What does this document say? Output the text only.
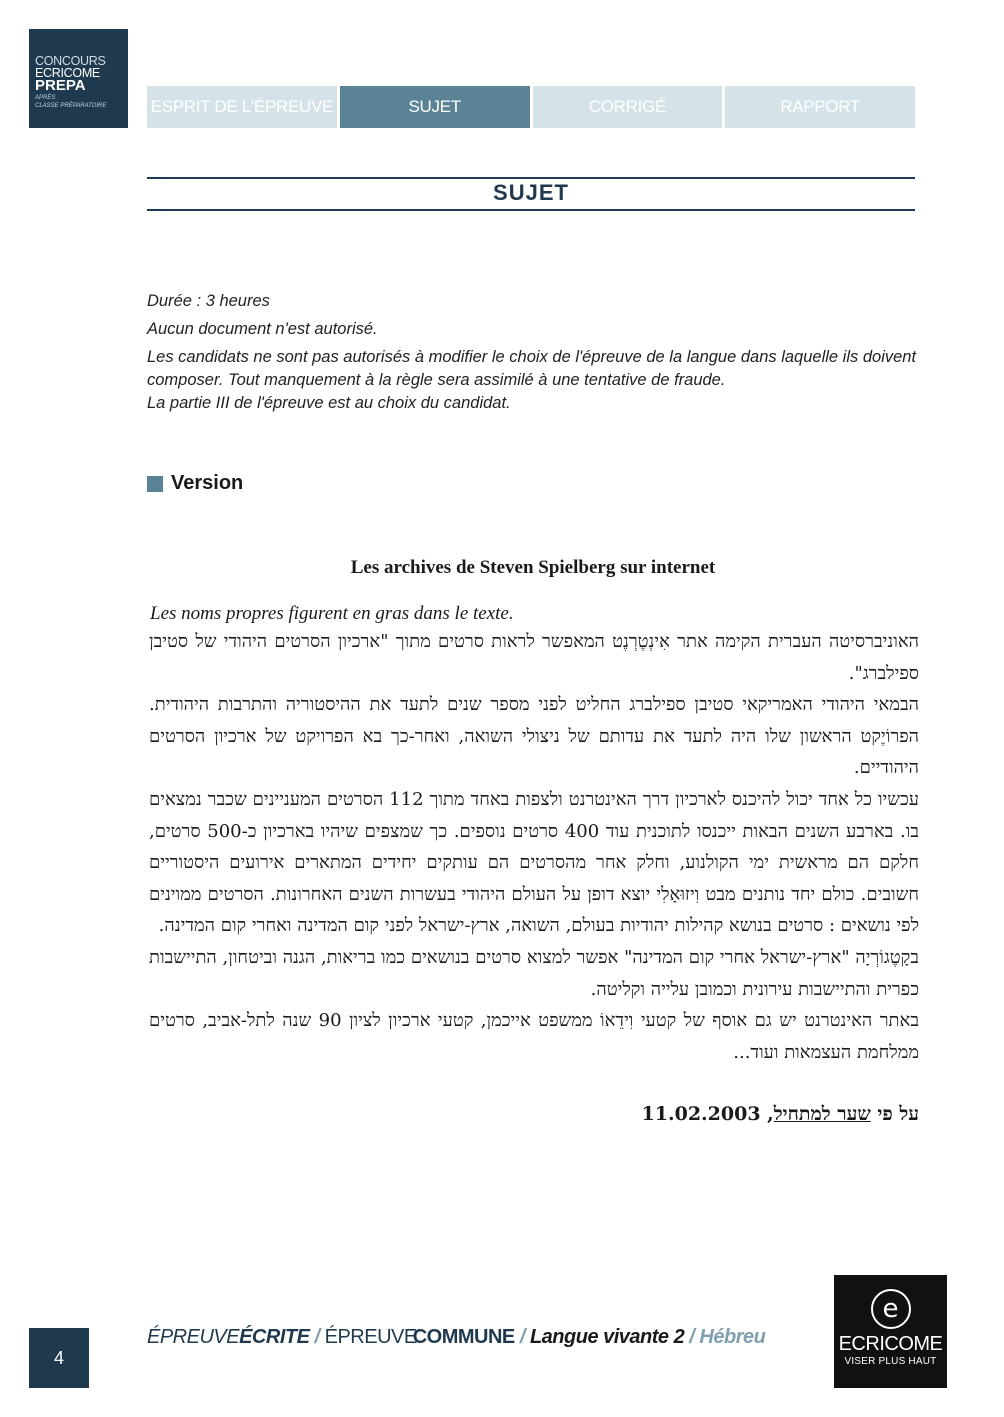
CONCOURS
ECRICOME
PREPA
APRÈS
CLASSE PRÉPARATOIRE	ESPRIT DE L'ÉPREUVE	SUJET	CORRIGÉ	RAPPORT
SUJET

Durée : 3 heures

Aucun document n'est autorisé.

Les candidats ne sont pas autorisés à modifier le choix de l'épreuve de la langue dans laquelle ils doivent composer. Tout manquement à la règle sera assimilé à une tentative de fraude.

La partie III de l'épreuve est au choix du candidat.

Version
Les archives de Steven Spielberg sur internet
Les noms propres figurent en gras dans le texte.

האוניברסיטה העברית הקימה אתר אִינְטֶרְנֶט המאפשר לראות סרטים מתוך "ארכיון הסרטים היהודי של סטיבן ספילברג".

הבמאי היהודי האמריקאי סטיבן ספילברג החליט לפני מספר שנים לתעד את ההיסטוריה והתרבות היהודית. הפרוֹיֶקט הראשון שלו היה לתעד את עדותם של ניצולי השואה, ואחר-כך בא הפרויקט של ארכיון הסרטים היהודיים.

עכשיו כל אחד יכול להיכנס לארכיון דרך האינטרנט ולצפות באחד מתוך 112 הסרטים המעניינים שכבר נמצאים בו. בארבע השנים הבאות ייכנסו לתוכנית עוד 400 סרטים נוספים. כך שמצפים שיהיו בארכיון כ-500 סרטים, חלקם הם מראשית ימי הקולנוע, וחלק אחר מהסרטים הם עותקים יחידים המתארים אירועים היסטוריים חשובים. כולם יחד נותנים מבט וִיזוּאָלִי יוצא דופן על העולם היהודי בעשרות השנים האחרונות. הסרטים ממוינים לפי נושאים : סרטים בנושא קהילות יהודיות בעולם, השואה, ארץ-ישראל לפני קום המדינה ואחרי קום המדינה.

בקָטֶגוֹרְיָה "ארץ-ישראל אחרי קום המדינה" אפשר למצוא סרטים בנושאים כמו בריאות, הגנה וביטחון, התיישבות כפרית והתיישבות עירונית וכמובן עלייה וקליטה.

באתר האינטרנט יש גם אוסף של קטעי וִידֵאוֹ ממשפט אייכמן, קטעי ארכיון לציון 90 שנה לתל-אביב, סרטים ממלחמת העצמאות ועוד...

על פי שער למתחיל, 11.02.2003
4
ÉPREUVEÉCRITE / ÉPREUVECOMMUNE / Langue vivante 2 / Hébreu
e
ECRICOME
VISER PLUS HAUT
